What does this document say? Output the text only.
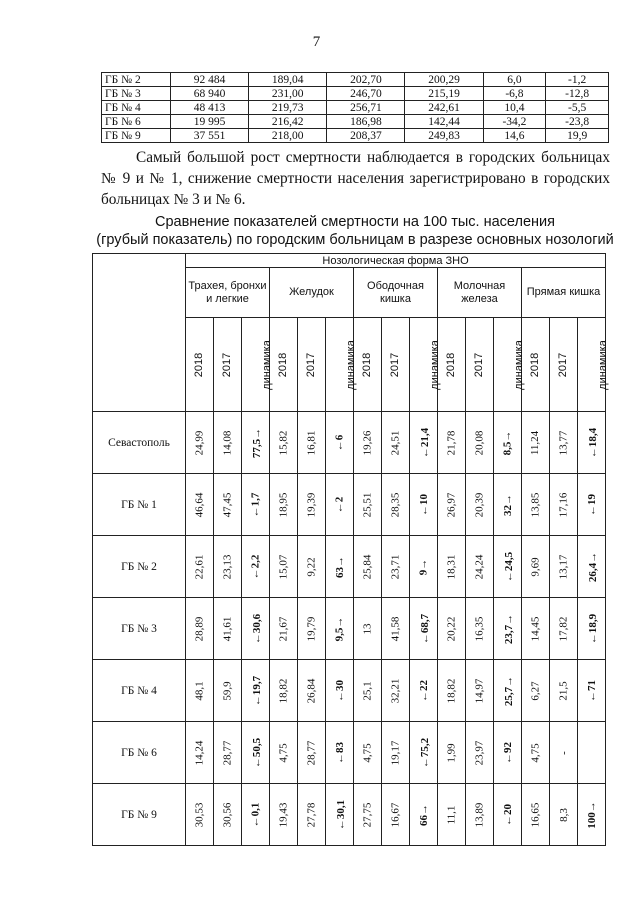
7
ГБ № 2	92 484	189,04	202,70	200,29	6,0	-1,2
ГБ № 3	68 940	231,00	246,70	215,19	-6,8	-12,8
ГБ № 4	48 413	219,73	256,71	242,61	10,4	-5,5
ГБ № 6	19 995	216,42	186,98	142,44	-34,2	-23,8
ГБ № 9	37 551	218,00	208,37	249,83	14,6	19,9
Самый большой рост смертности наблюдается в городских больницах № 9 и № 1, снижение смертности населения зарегистрировано в городских больницах № 3 и № 6.
Сравнение показателей смертности на 100 тыс. населения
(грубый показатель) по городским больницам в разрезе основных нозологий
	Нозологическая форма ЗНО														
	Трахея, бронхи и легкие			Желудок			Ободочная кишка			Молочная железа			Прямая кишка		
	2018	2017	динамика	2018	2017	динамика	2018	2017	динамика	2018	2017	динамика	2018	2017	динамика
Севастополь	24,99	14,08	77,5→	15,82	16,81	←6	19,26	24,51	←21,4	21,78	20,08	8,5→	11,24	13,77	←18,4
ГБ № 1	46,64	47,45	←1,7	18,95	19,39	←2	25,51	28,35	←10	26,97	20,39	32→	13,85	17,16	←19
ГБ № 2	22,61	23,13	←2,2	15,07	9,22	63→	25,84	23,71	9→	18,31	24,24	←24,5	9,69	13,17	26,4→
ГБ № 3	28,89	41,61	←30,6	21,67	19,79	9,5→	13	41,58	←68,7	20,22	16,35	23,7→	14,45	17,82	←18,9
ГБ № 4	48,1	59,9	←19,7	18,82	26,84	←30	25,1	32,21	←22	18,82	14,97	25,7→	6,27	21,5	←71
ГБ № 6	14,24	28,77	←50,5	4,75	28,77	←83	4,75	19,17	←75,2	1,99	23,97	←92	4,75	-	
ГБ № 9	30,53	30,56	←0,1	19,43	27,78	←30,1	27,75	16,67	66→	11,1	13,89	←20	16,65	8,3	100→
